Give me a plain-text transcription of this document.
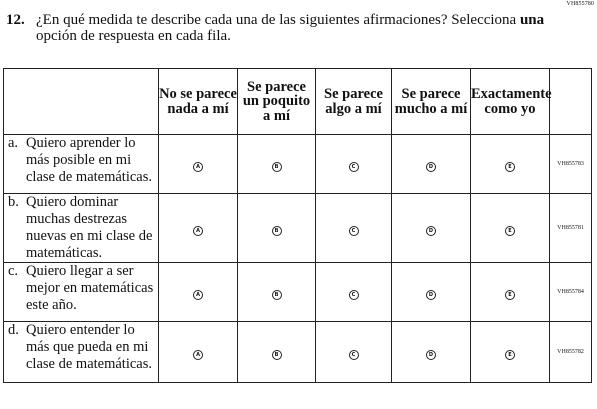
VH855780
12. ¿En qué medida te describe cada una de las siguientes afirmaciones? Selecciona una
opción de respuesta en cada fila.
	No se parece nada a mí	Se parece un poquito a mí	Se parece algo a mí	Se parece mucho a mí	Exactamente como yo	

a. Quiero aprender lo más posible en mi clase de matemáticas.	A	B	C	D	E	VH855783

b. Quiero dominar muchas destrezas nuevas en mi clase de matemáticas.	A	B	C	D	E	VH855781

c. Quiero llegar a ser mejor en matemáticas este año.	A	B	C	D	E	VH855784

d. Quiero entender lo más que pueda en mi clase de matemáticas.	A	B	C	D	E	VH855782
